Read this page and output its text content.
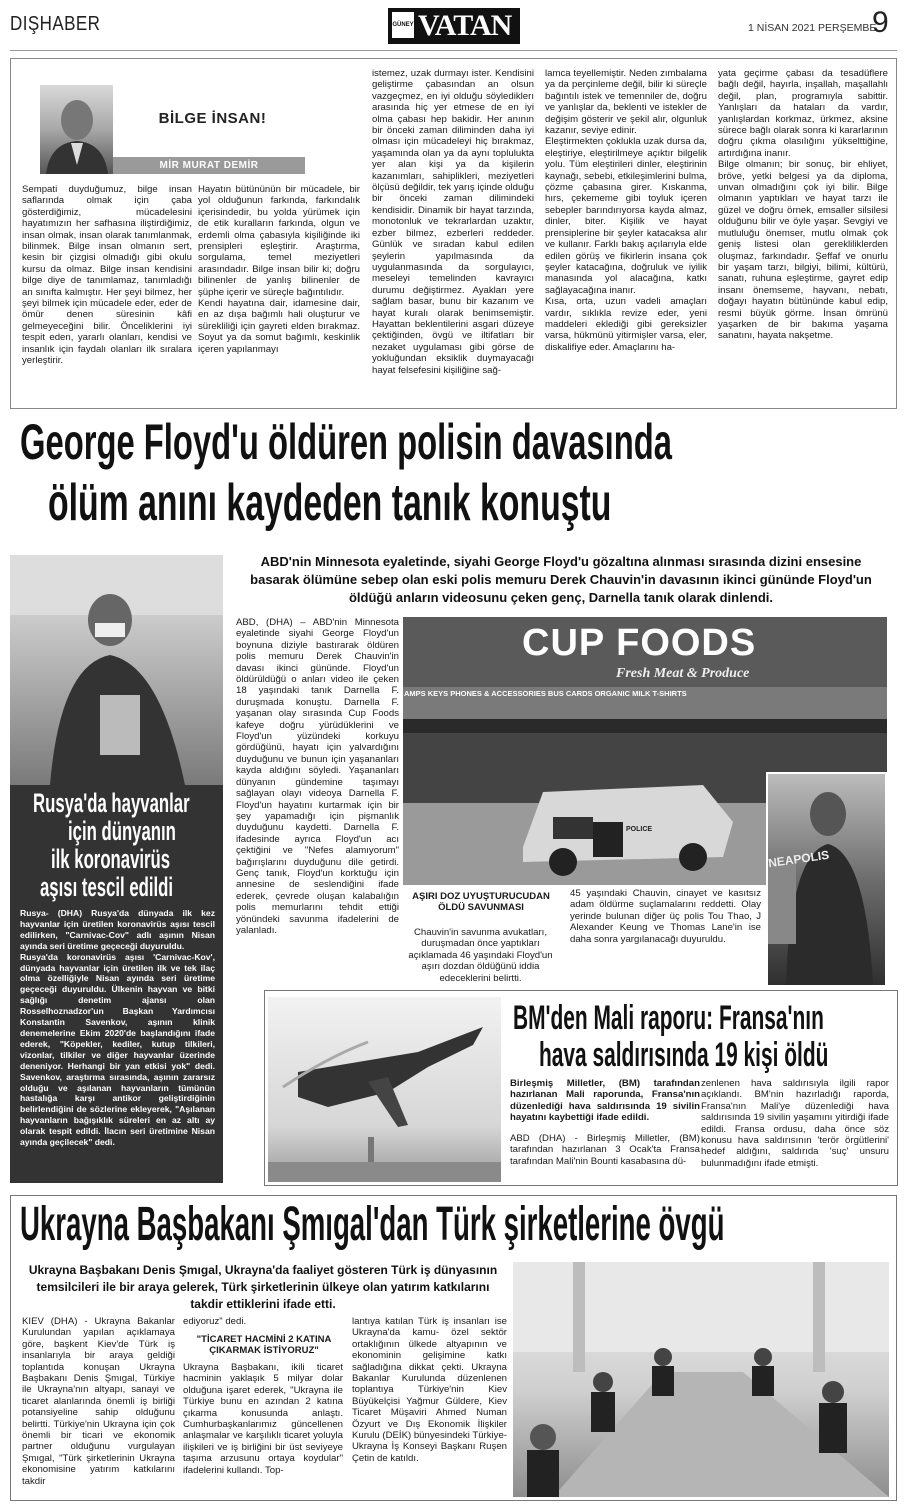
DIŞHABER	GÜNEY VATAN	1 NİSAN 2021 PERŞEMBE
9
BİLGE İNSAN!
MİR MURAT DEMİR
Sempati duyduğumuz, bilge insan saflarında olmak için çaba gösterdiğimiz, mücadelesini hayatımızın her safhasına iliştirdiğimiz, insan olmak, insan olarak tanımlanmak, bilinmek. Bilge insan olmanın sert, kesin bir çizgisi olmadığı gibi okulu kursu da olmaz. Bilge insan kendisini bilge diye de tanımlamaz, tanımladığı an sınıfta kalmıştır. Her şeyi bilmez, her şeyi bilmek için mücadele eder, eder de ömür denen süresinin kâfi gelmeyeceğini bilir. Önceliklerini iyi tespit eden, yararlı olanları, kendisi ve insanlık için faydalı olanları ilk sıralara yerleştirir.
Hayatın bütününün bir mücadele, bir yol olduğunun farkında, farkındalık içerisindedir, bu yolda yürümek için de etik kuralların farkında, olgun ve erdemli olma çabasıyla kişiliğinde iki prensipleri eşleştirir. Araştırma, sorgulama, temel meziyetleri arasındadır. Bilge insan bilir ki; doğru bilinenler de yanlış bilinenler de şüphe içerir ve süreçle bağıntılıdır.
Kendi hayatına dair, idamesine dair, en az dışa bağımlı hali oluşturur ve sürekliliği için gayreti elden bırakmaz. Soyut ya da somut bağımlı, keskinlik içeren yapılanmayı
istemez, uzak durmayı ister. Kendisini geliştirme çabasından an olsun vazgeçmez, en iyi olduğu söylediklerı arasında hiç yer etmese de en iyi olma çabası hep bakidir. Her anının bir önceki zaman diliminden daha iyi olması için mücadeleyi hiç bırakmaz, yaşamında olan ya da aynı toplulukta yer alan kişi ya da kişilerin kazanımları, sahiplikleri, meziyetleri ölçüsü değildir, tek yarış içinde olduğu bir önceki zaman dilimindeki kendisidir. Dinamik bir hayat tarzında, monotonluk ve tekrarlardan uzaktır, ezber bilmez, ezberleri reddeder. Günlük ve sıradan kabul edilen şeylerin yapılmasında da uygulanmasında da sorgulayıcı, meseleyi temelinden kavrayıcı durumu değiştirmez. Ayakları yere sağlam basar, bunu bir kazanım ve hayat kuralı olarak benimsemiştir. Hayattan beklentilerini asgari düzeye çektiğinden, övgü ve iltifatları bir nezaket uygulaması gibi görse de yokluğundan eksiklik duymayacağı hayat felsefesini kişiliğine sağ-
lamca teyellemiştir. Neden zımbalama ya da perçinleme değil, bilir ki süreçle bağıntılı istek ve temenniler de, doğru ve yanlışlar da, beklenti ve istekler de değişim gösterir ve şekil alır, olgunluk kazanır, seviye edinir.
Eleştirmekten çoklukla uzak dursa da, eleştiriye, eleştirilmeye açıktır bilgelik yolu. Tüm eleştirileri dinler, eleştirinin kaynağı, sebebi, etkileşimlerini bulma, çözme çabasına girer. Kıskanma, hırs, çekememe gibi toyluk içeren sebepler barındırıyorsa kayda almaz, dinler, biter. Kişilik ve hayat prensiplerine bir şeyler katacaksa alır ve kullanır. Farklı bakış açılarıyla elde edilen görüş ve fikirlerin insana çok şeyler katacağına, doğruluk ve iyilik manasında yol alacağına, katkı sağlayacağına inanır.
Kısa, orta, uzun vadeli amaçları vardır, sıklıkla revize eder, yeni maddeleri eklediği gibi gereksizler varsa, hükmünü yitirmişler varsa, eler, diskalifiye eder. Amaçlarını ha-
yata geçirme çabası da tesadüflere bağlı değil, hayırla, inşallah, maşallahlı değil, plan, programıyla sabittir. Yanlışları da hataları da vardır, yanlışlardan korkmaz, ürkmez, aksine sürece bağlı olarak sonra ki kararlarının doğru çıkma olasılığını yükselttiğine, artırdığına inanır.
Bilge olmanın; bir sonuç, bir ehliyet, bröve, yetki belgesi ya da diploma, unvan olmadığını çok iyi bilir. Bilge olmanın yaptıkları ve hayat tarzı ile güzel ve doğru örnek, emsaller silsilesi olduğunu bilir ve öyle yaşar. Sevgiyi ve mutluluğu önemser, mutlu olmak çok geniş listesi olan gerekliliklerden oluşmaz, farkındadır. Şeffaf ve onurlu bir yaşam tarzı, bilgiyi, bilimi, kültürü, sanatı, ruhuna eşleştirme, gayret edip insanı önemseme, hayvanı, nebatı, doğayı hayatın bütününde kabul edip, resmi büyük görme. İnsan ömrünü yaşarken de bir bakıma yaşama sanatını, hayata nakşetme.
George Floyd'u öldüren polisin davasında
ölüm anını kaydeden tanık konuştu
Rusya'da hayvanlar
için dünyanın
ilk koronavirüs
aşısı tescil edildi
Rusya- (DHA) Rusya'da dünyada ilk kez hayvanlar için üretilen koronavirüs aşısı tescil edilirken, "Carnivac-Cov" adlı aşının Nisan ayında seri üretime geçeceği duyuruldu.
Rusya'da koronavirüs aşısı 'Carnivac-Kov', dünyada hayvanlar için üretilen ilk ve tek ilaç olma özelliğiyle Nisan ayında seri üretime geçeceği duyuruldu. Ülkenin hayvan ve bitki sağlığı denetim ajansı olan Rosselhoznadzor'un Başkan Yardımcısı Konstantin Savenkov, aşının klinik denemelerine Ekim 2020'de başlandığını ifade ederek, "Köpekler, kediler, kutup tilkileri, vizonlar, tilkiler ve diğer hayvanlar üzerinde deneniyor. Herhangi bir yan etkisi yok" dedi. Savenkov, araştırma sırasında, aşının zararsız olduğu ve aşılanan hayvanların tümünün hastalığa karşı antikor geliştirdiğinin belirlendiğini de sözlerine ekleyerek, "Aşılanan hayvanların bağışıklık süreleri en az altı ay olarak tespit edildi. İlacın seri üretimine Nisan ayında geçilecek" dedi.
ABD'nin Minnesota eyaletinde, siyahi George Floyd'u gözaltına alınması sırasında dizini ensesine basarak ölümüne sebep olan eski polis memuru Derek Chauvin'in davasının ikinci gününde Floyd'un öldüğü anların videosunu çeken genç, Darnella tanık olarak dinlendi.
ABD, (DHA) – ABD'nin Minnesota eyaletinde siyahi George Floyd'un boynuna diziyle bastırarak öldüren polis memuru Derek Chauvin'in davası ikinci gününde. Floyd'un öldürüldüğü o anları video ile çeken 18 yaşındaki tanık Darnella F. duruşmada konuştu. Darnella F. yaşanan olay sırasında Cup Foods kafeye doğru yürüdüklerini ve Floyd'un yüzündeki korkuyu gördüğünü, hayatı için yalvardığını duyduğunu ve bunun için yaşananları kayda aldığını söyledi. Yaşananları dünyanın gündemine taşımayı sağlayan olayı videoya Darnella F. Floyd'un hayatını kurtarmak için bir şey yapamadığı için pişmanlık duyduğunu kaydetti. Darnella F. ifadesinde ayrıca Floyd'un acı çektiğini ve "Nefes alamıyorum" bağırışlarını duyduğunu dile getirdi. Genç tanık, Floyd'un korktuğu için annesine de seslendiğini ifade ederek, çevrede oluşan kalabalığın polis memurlarını tehdit ettiği yönündeki savunma ifadelerini de yalanladı.
CUP FOODS
Fresh Meat & Produce
AMPS KEYS PHONES & ACCESSORIES BUS CARDS ORGANIC MILK T-SHIRTS
POLICE
NEAPOLIS
AŞIRI DOZ UYUŞTURUCUDAN ÖLDÜ SAVUNMASI
Chauvin'in savunma avukatları, duruşmadan önce yaptıkları açıklamada 46 yaşındaki Floyd'un aşırı dozdan öldüğünü iddia edeceklerini belirtti.
45 yaşındaki Chauvin, cinayet ve kasıtsız adam öldürme suçlamalarını reddetti. Olay yerinde bulunan diğer üç polis Tou Thao, J Alexander Keung ve Thomas Lane'in ise daha sonra yargılanacağı duyuruldu.
BM'den Mali raporu: Fransa'nın
hava saldırısında 19 kişi öldü
Birleşmiş Milletler, (BM) tarafından hazırlanan Mali raporunda, Fransa'nın düzenlediği hava saldırısında 19 sivilin hayatını kaybettiği ifade edildi.
ABD (DHA) - Birleşmiş Milletler, (BM) tarafından hazırlanan 3 Ocak'ta Fransa tarafından Mali'nin Bounti kasabasına dü-
zenlenen hava saldırısıyla ilgili rapor açıklandı. BM'nin hazırladığı raporda, Fransa'nın Mali'ye düzenlediği hava saldırısında 19 sivilin yaşamını yitirdiği ifade edildi. Fransa ordusu, daha önce söz konusu hava saldırısının 'terör örgütlerini' hedef aldığını, saldırıda 'suç' unsuru bulunmadığını ifade etmişti.
Ukrayna Başbakanı Şmıgal'dan Türk şirketlerine övgü
Ukrayna Başbakanı Denis Şmıgal, Ukrayna'da faaliyet gösteren Türk iş dünyasının temsilcileri ile bir araya gelerek, Türk şirketlerinin ülkeye olan yatırım katkılarını takdir ettiklerini ifade etti.
KIEV (DHA) - Ukrayna Bakanlar Kurulundan yapılan açıklamaya göre, başkent Kiev'de Türk iş insanlarıyla bir araya geldiği toplantıda konuşan Ukrayna Başbakanı Denis Şmıgal, Türkiye ile Ukrayna'nın altyapı, sanayi ve ticaret alanlarında önemli iş birliği potansiyeline sahip olduğunu belirtti. Türkiye'nin Ukrayna için çok önemli bir ticari ve ekonomik partner olduğunu vurgulayan Şmıgal, "Türk şirketlerinin Ukrayna ekonomisine yatırım katkılarını takdir
ediyoruz" dedi.
"TİCARET HACMİNİ 2 KATINA ÇIKARMAK İSTİYORUZ"
Ukrayna Başbakanı, ikili ticaret hacminin yaklaşık 5 milyar dolar olduğuna işaret ederek, "Ukrayna ile Türkiye bunu en azından 2 katına çıkarma konusunda anlaştı. Cumhurbaşkanlarımız güncellenen anlaşmalar ve karşılıklı ticaret yoluyla ilişkileri ve iş birliğini bir üst seviyeye taşıma arzusunu ortaya koydular" ifadelerini kullandı. Top-
lantıya katılan Türk iş insanları ise Ukrayna'da kamu- özel sektör ortaklığının ülkede altyapının ve ekonominin gelişimine katkı sağladığına dikkat çekti. Ukrayna Bakanlar Kurulunda düzenlenen toplantıya Türkiye'nin Kiev Büyükelçisi Yağmur Güldere, Kiev Ticaret Müşaviri Ahmed Numan Özyurt ve Dış Ekonomik İlişkiler Kurulu (DEİK) bünyesindeki Türkiye-Ukrayna İş Konseyi Başkanı Ruşen Çetin de katıldı.
